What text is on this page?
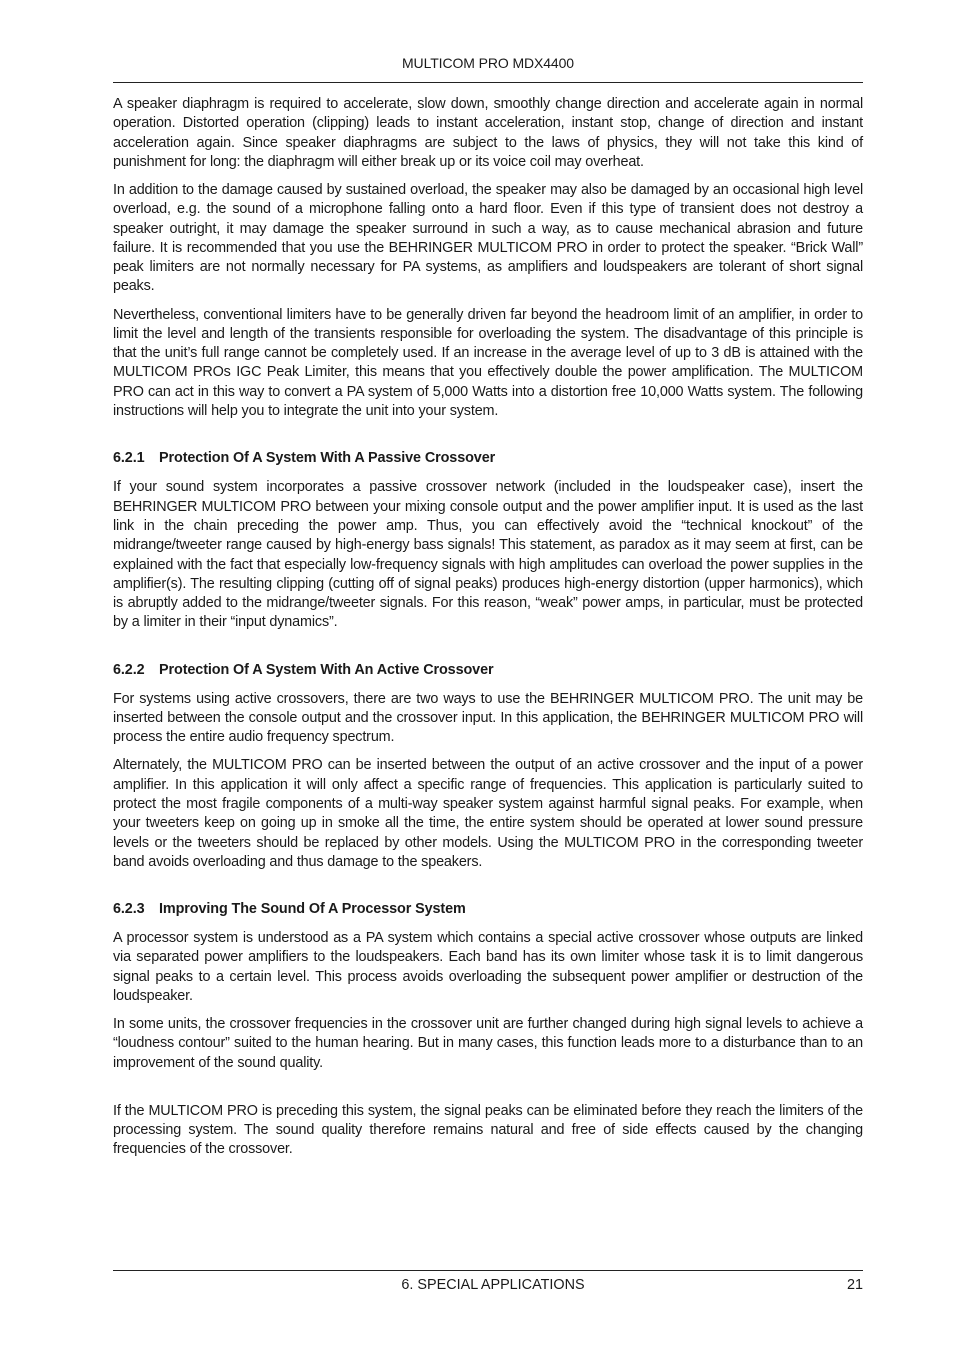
MULTICOM PRO MDX4400

A speaker diaphragm is required to accelerate, slow down, smoothly change direction and accelerate again in normal operation. Distorted operation (clipping) leads to instant acceleration, instant stop, change of direction and instant acceleration again. Since speaker diaphragms are subject to the laws of physics, they will not take this kind of punishment for long: the diaphragm will either break up or its voice coil may overheat.

In addition to the damage caused by sustained overload, the speaker may also be damaged by an occasional high level overload, e.g. the sound of a microphone falling onto a hard floor. Even if this type of transient does not destroy a speaker outright, it may damage the speaker surround in such a way, as to cause mechanical abrasion and future failure. It is recommended that you use the BEHRINGER MULTICOM PRO in order to protect the speaker. “Brick Wall” peak limiters are not normally necessary for PA systems, as amplifiers and loudspeakers are tolerant of short signal peaks.

Nevertheless, conventional limiters have to be generally driven far beyond the headroom limit of an amplifier, in order to limit the level and length of the transients responsible for overloading the system. The disadvantage of this principle is that the unit’s full range cannot be completely used. If an increase in the average level of up to 3 dB is attained with the MULTICOM PROs IGC Peak Limiter, this means that you effectively double the power amplification. The MULTICOM PRO can act in this way to convert a PA system of 5,000 Watts into a distortion free 10,000 Watts system. The following instructions will help you to integrate the unit into your system.

6.2.1 Protection Of A System With A Passive Crossover

If your sound system incorporates a passive crossover network (included in the loudspeaker case), insert the BEHRINGER MULTICOM PRO between your mixing console output and the power amplifier input. It is used as the last link in the chain preceding the power amp. Thus, you can effectively avoid the “technical knockout” of the midrange/tweeter range caused by high-energy bass signals! This statement, as paradox as it may seem at first, can be explained with the fact that especially low-frequency signals with high amplitudes can overload the power supplies in the amplifier(s). The resulting clipping (cutting off of signal peaks) produces high-energy distortion (upper harmonics), which is abruptly added to the midrange/tweeter signals. For this reason, “weak” power amps, in particular, must be protected by a limiter in their “input dynamics”.

6.2.2 Protection Of A System With An Active Crossover

For systems using active crossovers, there are two ways to use the BEHRINGER MULTICOM PRO. The unit may be inserted between the console output and the crossover input. In this application, the BEHRINGER MULTICOM PRO will process the entire audio frequency spectrum.

Alternately, the MULTICOM PRO can be inserted between the output of an active crossover and the input of a power amplifier. In this application it will only affect a specific range of frequencies. This application is particularly suited to protect the most fragile components of a multi-way speaker system against harmful signal peaks. For example, when your tweeters keep on going up in smoke all the time, the entire system should be operated at lower sound pressure levels or the tweeters should be replaced by other models. Using the MULTICOM PRO in the corresponding tweeter band avoids overloading and thus damage to the speakers.

6.2.3 Improving The Sound Of A Processor System

A processor system is understood as a PA system which contains a special active crossover whose outputs are linked via separated power amplifiers to the loudspeakers. Each band has its own limiter whose task it is to limit dangerous signal peaks to a certain level. This process avoids overloading the subsequent power amplifier or destruction of the loudspeaker.

In some units, the crossover frequencies in the crossover unit are further changed during high signal levels to achieve a “loudness contour” suited to the human hearing. But in many cases, this function leads more to a disturbance than to an improvement of the sound quality.

If the MULTICOM PRO is preceding this system, the signal peaks can be eliminated before they reach the limiters of the processing system. The sound quality therefore remains natural and free of side effects caused by the changing frequencies of the crossover.

6. SPECIAL APPLICATIONS	21
